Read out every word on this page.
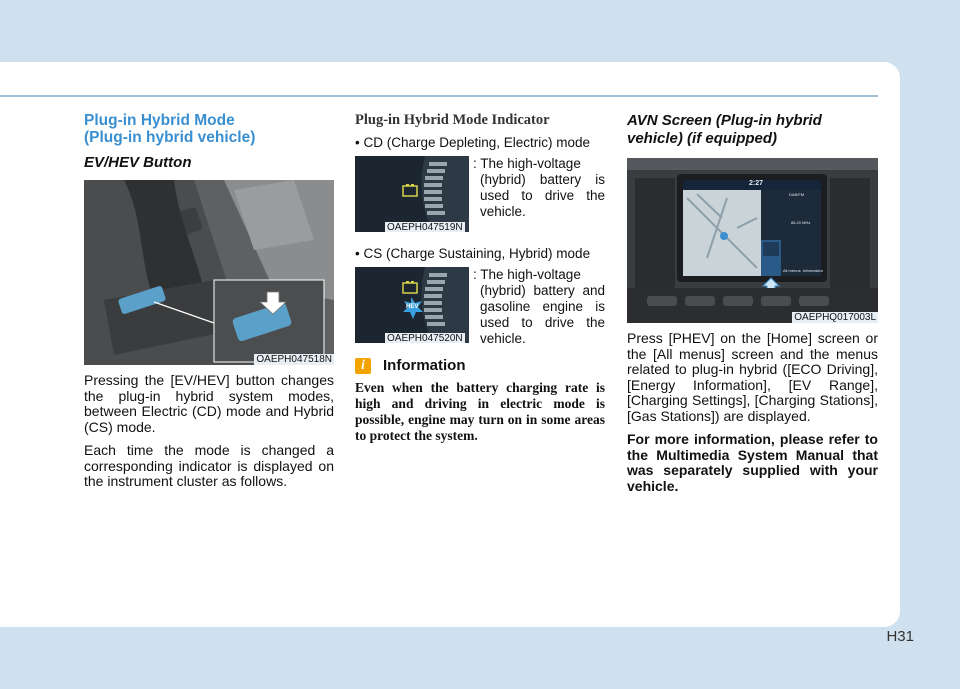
Plug-in Hybrid Mode
(Plug-in hybrid vehicle)
EV/HEV Button
OAEPH047518N

Pressing the [EV/HEV] button changes the plug-in hybrid system modes, between Electric (CD) mode and Hybrid (CS) mode.

Each time the mode is changed a corresponding indicator is displayed on the instrument cluster as follows.

Plug-in Hybrid Mode Indicator
• CD (Charge Depleting, Electric) mode
OAEPH047519N
: The high-voltage
(hybrid) battery is used to drive the vehicle.
• CS (Charge Sustaining, Hybrid) mode
HEV
OAEPH047520N
: The high-voltage
(hybrid) battery and gasoline engine is used to drive the vehicle.
i	Information

Even when the battery charging rate is high and driving in electric mode is possible, engine may turn on in some areas to protect the system.

AVN Screen (Plug-in hybrid
vehicle) (if equipped)
2:27
DAB/FM
88.20 MHz
All menus Information
OAEPHQ017003L

Press [PHEV] on the [Home] screen or the [All menus] screen and the menus related to plug-in hybrid ([ECO Driving], [Energy Information], [EV Range], [Charging Settings], [Charging Stations], [Gas Stations]) are displayed.

For more information, please refer to the Multimedia System Manual that was separately supplied with your vehicle.

H31
